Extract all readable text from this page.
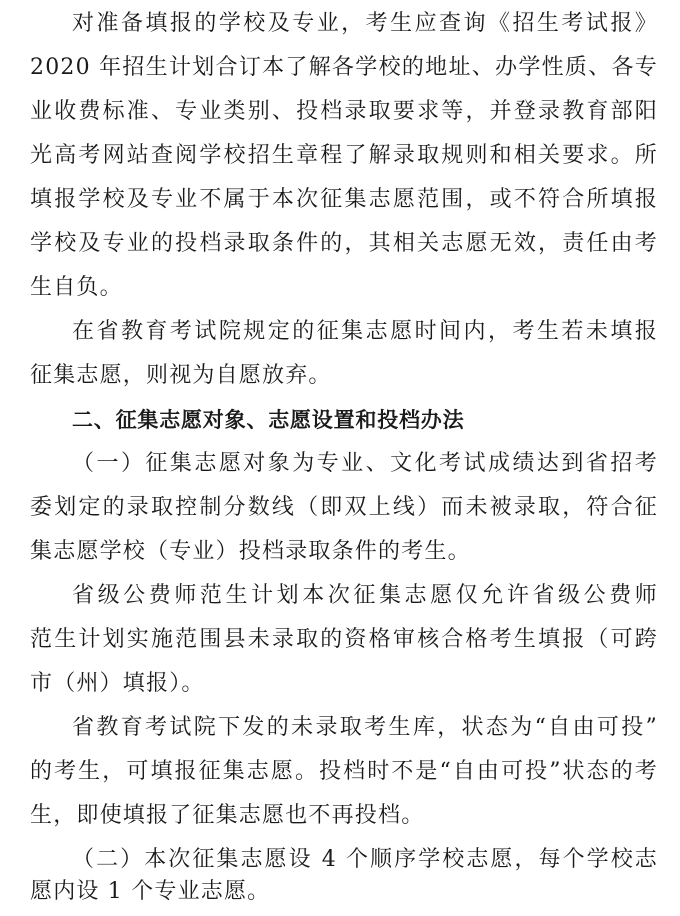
对准备填报的学校及专业，考生应查询《招生考试报》
2020 年招生计划合订本了解各学校的地址、办学性质、各专
业收费标准、专业类别、投档录取要求等，并登录教育部阳
光高考网站查阅学校招生章程了解录取规则和相关要求。所
填报学校及专业不属于本次征集志愿范围，或不符合所填报
学校及专业的投档录取条件的，其相关志愿无效，责任由考
生自负。
在省教育考试院规定的征集志愿时间内，考生若未填报
征集志愿，则视为自愿放弃。
二、征集志愿对象、志愿设置和投档办法
（一）征集志愿对象为专业、文化考试成绩达到省招考
委划定的录取控制分数线（即双上线）而未被录取，符合征
集志愿学校（专业）投档录取条件的考生。
省级公费师范生计划本次征集志愿仅允许省级公费师
范生计划实施范围县未录取的资格审核合格考生填报（可跨
市（州）填报）。
省教育考试院下发的未录取考生库，状态为“自由可投”
的考生，可填报征集志愿。投档时不是“自由可投”状态的考
生，即使填报了征集志愿也不再投档。
（二）本次征集志愿设 4 个顺序学校志愿，每个学校志
愿内设 1 个专业志愿。
